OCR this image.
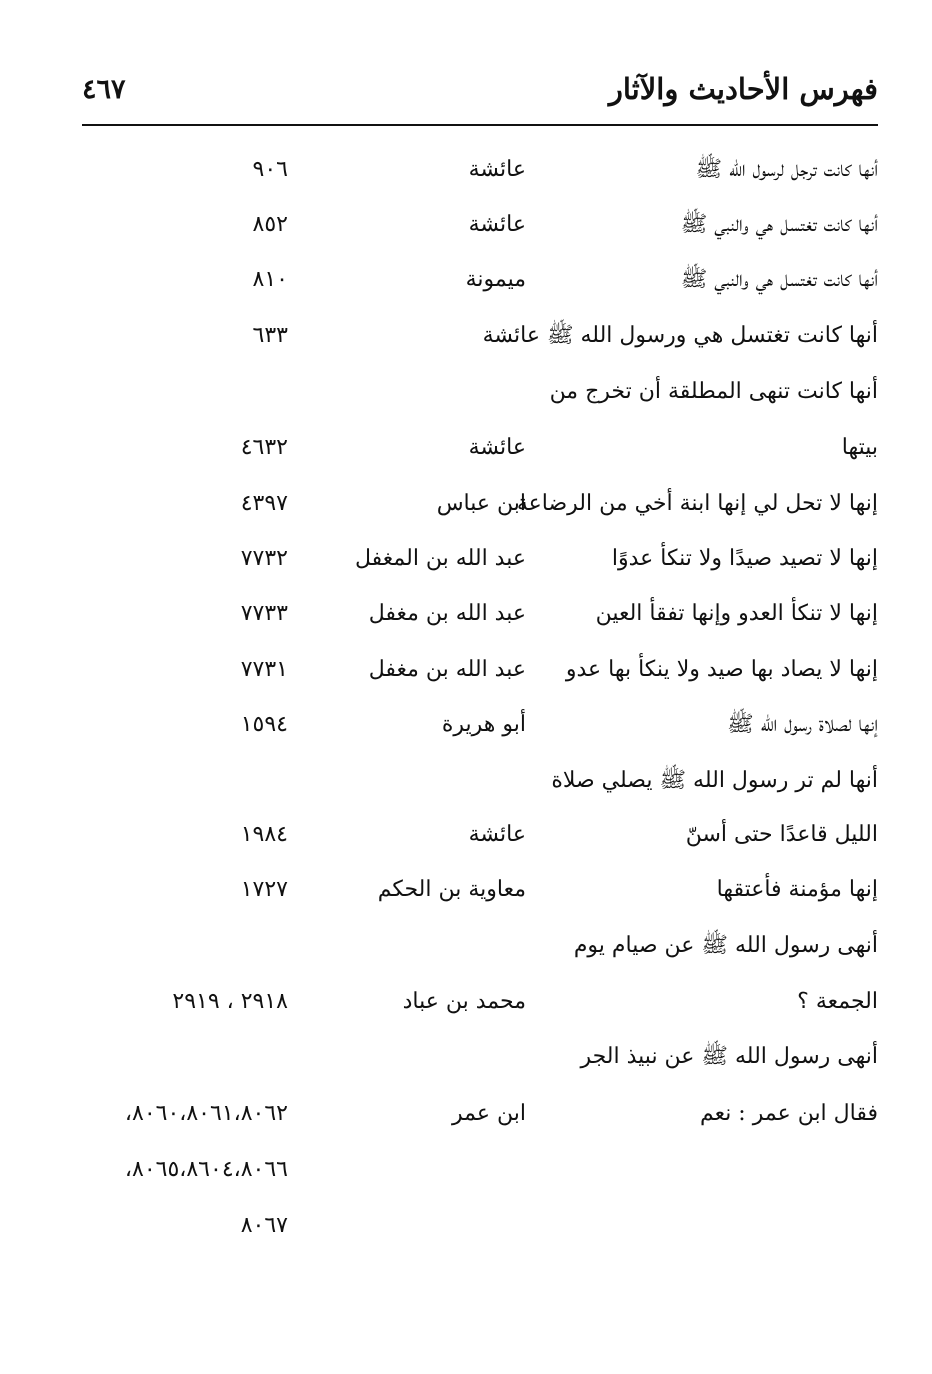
فهرس الأحاديث والآثار
٤٦٧
أنها كانت ترجل لرسول الله ﷺ
عائشة
٩٠٦
أنها كانت تغتسل هي والنبي ﷺ
عائشة
٨٥٢
أنها كانت تغتسل هي والنبي ﷺ
ميمونة
٨١٠
أنها كانت تغتسل هي ورسول الله ﷺ عائشة
٦٣٣
أنها كانت تنهى المطلقة أن تخرج من
بيتها
عائشة
٤٦٣٢
إنها لا تحل لي إنها ابنة أخي من الرضاعة
ابن عباس
٤٣٩٧
إنها لا تصيد صيدًا ولا تنكأ عدوًا
عبد الله بن المغفل
٧٧٣٢
إنها لا تنكأ العدو وإنها تفقأ العين
عبد الله بن مغفل
٧٧٣٣
إنها لا يصاد بها صيد ولا ينكأ بها عدو
عبد الله بن مغفل
٧٧٣١
إنها لصلاة رسول الله ﷺ
أبو هريرة
١٥٩٤
أنها لم تر رسول الله ﷺ يصلي صلاة
الليل قاعدًا حتى أسنّ
عائشة
١٩٨٤
إنها مؤمنة فأعتقها
معاوية بن الحكم
١٧٢٧
أنهى رسول الله ﷺ عن صيام يوم
الجمعة ؟
محمد بن عباد
٢٩١٨ ، ٢٩١٩
أنهى رسول الله ﷺ عن نبيذ الجر
فقال ابن عمر : نعم
ابن عمر
٨٠٦٠،٨٠٦١،٨٠٦٢،
٨٠٦٥،٨٦٠٤،٨٠٦٦،
٨٠٦٧
